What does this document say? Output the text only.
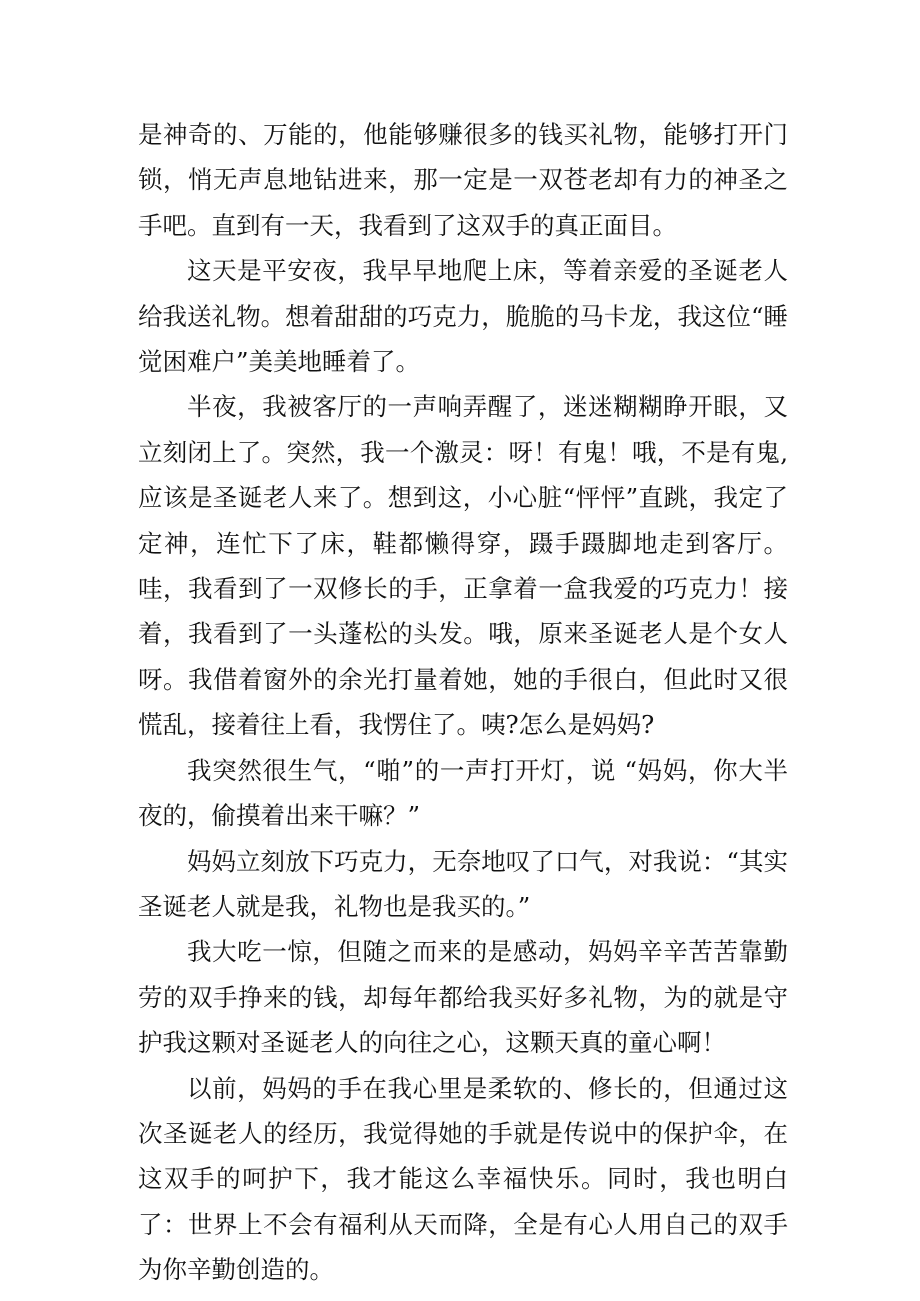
是神奇的、万能的，他能够赚很多的钱买礼物，能够打开门锁，悄无声息地钻进来，那一定是一双苍老却有力的神圣之手吧。直到有一天，我看到了这双手的真正面目。

这天是平安夜，我早早地爬上床，等着亲爱的圣诞老人给我送礼物。想着甜甜的巧克力，脆脆的马卡龙，我这位“睡觉困难户”美美地睡着了。

半夜，我被客厅的一声响弄醒了，迷迷糊糊睁开眼，又立刻闭上了。突然，我一个激灵：呀！有鬼！哦，不是有鬼,应该是圣诞老人来了。想到这，小心脏“怦怦”直跳，我定了定神，连忙下了床，鞋都懒得穿，蹑手蹑脚地走到客厅。哇，我看到了一双修长的手，正拿着一盒我爱的巧克力！接着，我看到了一头蓬松的头发。哦，原来圣诞老人是个女人呀。我借着窗外的余光打量着她，她的手很白，但此时又很慌乱，接着往上看，我愣住了。咦?怎么是妈妈?

我突然很生气，“啪”的一声打开灯，说 “妈妈，你大半夜的，偷摸着出来干嘛？”

妈妈立刻放下巧克力，无奈地叹了口气，对我说：“其实圣诞老人就是我，礼物也是我买的。”

我大吃一惊，但随之而来的是感动，妈妈辛辛苦苦靠勤劳的双手挣来的钱，却每年都给我买好多礼物，为的就是守护我这颗对圣诞老人的向往之心，这颗天真的童心啊！

以前，妈妈的手在我心里是柔软的、修长的，但通过这次圣诞老人的经历，我觉得她的手就是传说中的保护伞，在这双手的呵护下，我才能这么幸福快乐。同时，我也明白了：世界上不会有福利从天而降，全是有心人用自己的双手为你辛勤创造的。
